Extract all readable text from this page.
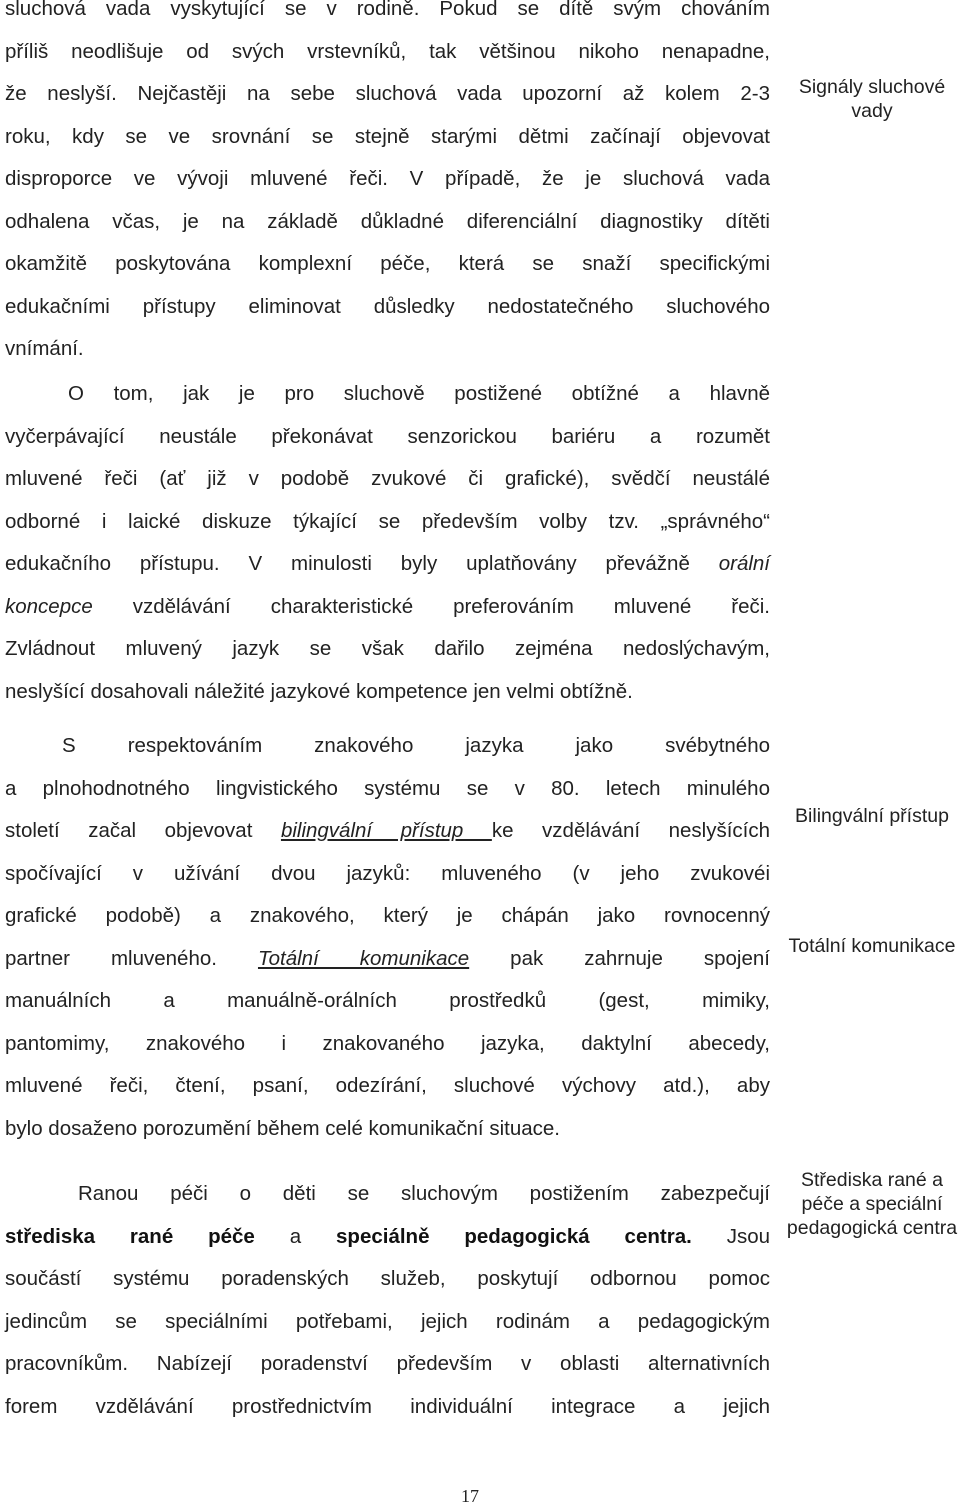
sluchová vada vyskytující se v rodině. Pokud se dítě svým chováním
příliš neodlišuje od svých vrstevníků, tak většinou nikoho nenapadne,
že neslyší. Nejčastěji na sebe sluchová vada upozorní až kolem 2-3
roku, kdy se ve srovnání se stejně starými dětmi začínají objevovat
disproporce ve vývoji mluvené řeči. V případě, že je sluchová vada
odhalena včas, je na základě důkladné diferenciální diagnostiky dítěti
okamžitě poskytována komplexní péče, která se snaží specifickými
edukačními přístupy eliminovat důsledky nedostatečného sluchového
vnímání.
O tom, jak je pro sluchově postižené obtížné a hlavně
vyčerpávající neustále překonávat senzorickou bariéru a rozumět
mluvené řeči (ať již v podobě zvukové či grafické), svědčí neustálé
odborné i laické diskuze týkající se především volby tzv. „správného“
edukačního přístupu. V minulosti byly uplatňovány převážně orální
koncepce vzdělávání charakteristické preferováním mluvené řeči.
Zvládnout mluvený jazyk se však dařilo zejména nedoslýchavým,
neslyšící dosahovali náležité jazykové kompetence jen velmi obtížně.
S respektováním znakového jazyka jako svébytného
a plnohodnotného lingvistického systému se v 80. letech minulého
století začal objevovat bilingvální přístup ke vzdělávání neslyšících
spočívající v užívání dvou jazyků: mluveného (v jeho zvukovéi
grafické podobě) a znakového, který je chápán jako rovnocenný
partner mluveného. Totální komunikace pak zahrnuje spojení
manuálních a manuálně-orálních prostředků (gest, mimiky,
pantomimy, znakového i znakovaného jazyka, daktylní abecedy,
mluvené řeči, čtení, psaní, odezírání, sluchové výchovy atd.), aby
bylo dosaženo porozumění během celé komunikační situace.
Ranou péči o děti se sluchovým postižením zabezpečují
střediska rané péče a speciálně pedagogická centra. Jsou
součástí systému poradenských služeb, poskytují odbornou pomoc
jedincům se speciálními potřebami, jejich rodinám a pedagogickým
pracovníkům. Nabízejí poradenství především v oblasti alternativních
forem vzdělávání prostřednictvím individuální integrace a jejich
Signály sluchové vady
Bilingvální přístup
Totální komunikace
Střediska rané a péče a speciální pedagogická centra
17
